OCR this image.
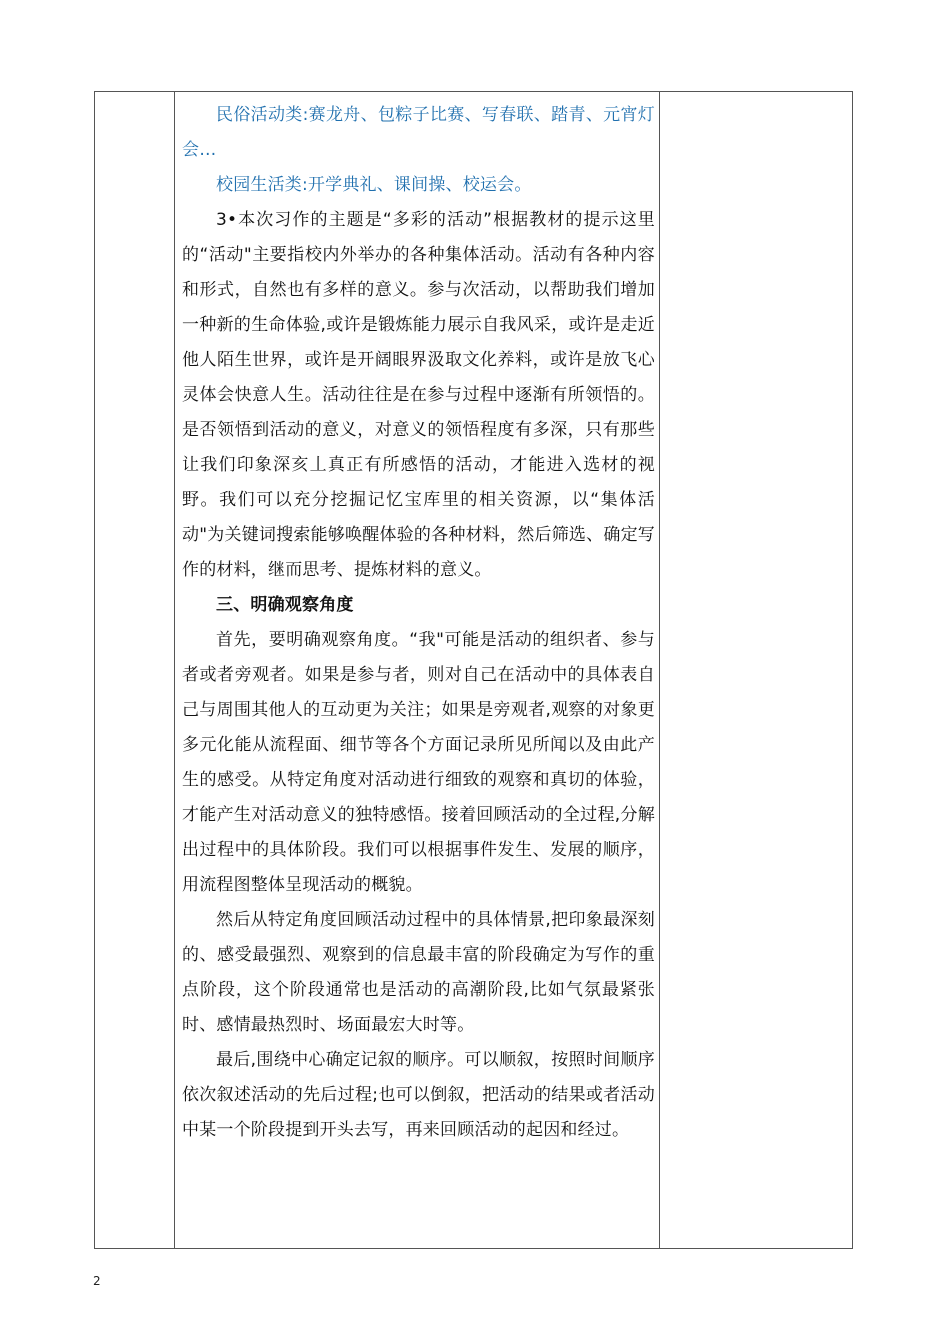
民俗活动类:赛龙舟、包粽子比赛、写春联、踏青、元宵灯会…

校园生活类:开学典礼、课间操、校运会。

3•本次习作的主题是“多彩的活动”根据教材的提示这里的“活动"主要指校内外举办的各种集体活动。活动有各种内容和形式，自然也有多样的意义。参与次活动，以帮助我们增加一种新的生命体验,或许是锻炼能力展示自我风采，或许是走近他人陌生世界，或许是开阔眼界汲取文化养料，或许是放飞心灵体会快意人生。活动往往是在参与过程中逐渐有所领悟的。是否领悟到活动的意义，对意义的领悟程度有多深，只有那些让我们印象深亥丄真正有所感悟的活动，才能进入选材的视野。我们可以充分挖掘记忆宝库里的相关资源，以“集体活动"为关键词搜索能够唤醒体验的各种材料，然后筛选、确定写作的材料，继而思考、提炼材料的意义。

三、明确观察角度

首先，要明确观察角度。“我"可能是活动的组织者、参与者或者旁观者。如果是参与者，则对自己在活动中的具体表自己与周围其他人的互动更为关注；如果是旁观者,观察的对象更多元化能从流程面、细节等各个方面记录所见所闻以及由此产生的感受。从特定角度对活动进行细致的观察和真切的体验，才能产生对活动意义的独特感悟。接着回顾活动的全过程,分解出过程中的具体阶段。我们可以根据事件发生、发展的顺序，用流程图整体呈现活动的概貌。

然后从特定角度回顾活动过程中的具体情景,把印象最深刻的、感受最强烈、观察到的信息最丰富的阶段确定为写作的重点阶段，这个阶段通常也是活动的高潮阶段,比如气氛最紧张时、感情最热烈时、场面最宏大时等。

最后,围绕中心确定记叙的顺序。可以顺叙，按照时间顺序依次叙述活动的先后过程;也可以倒叙，把活动的结果或者活动中某一个阶段提到开头去写，再来回顾活动的起因和经过。

2
